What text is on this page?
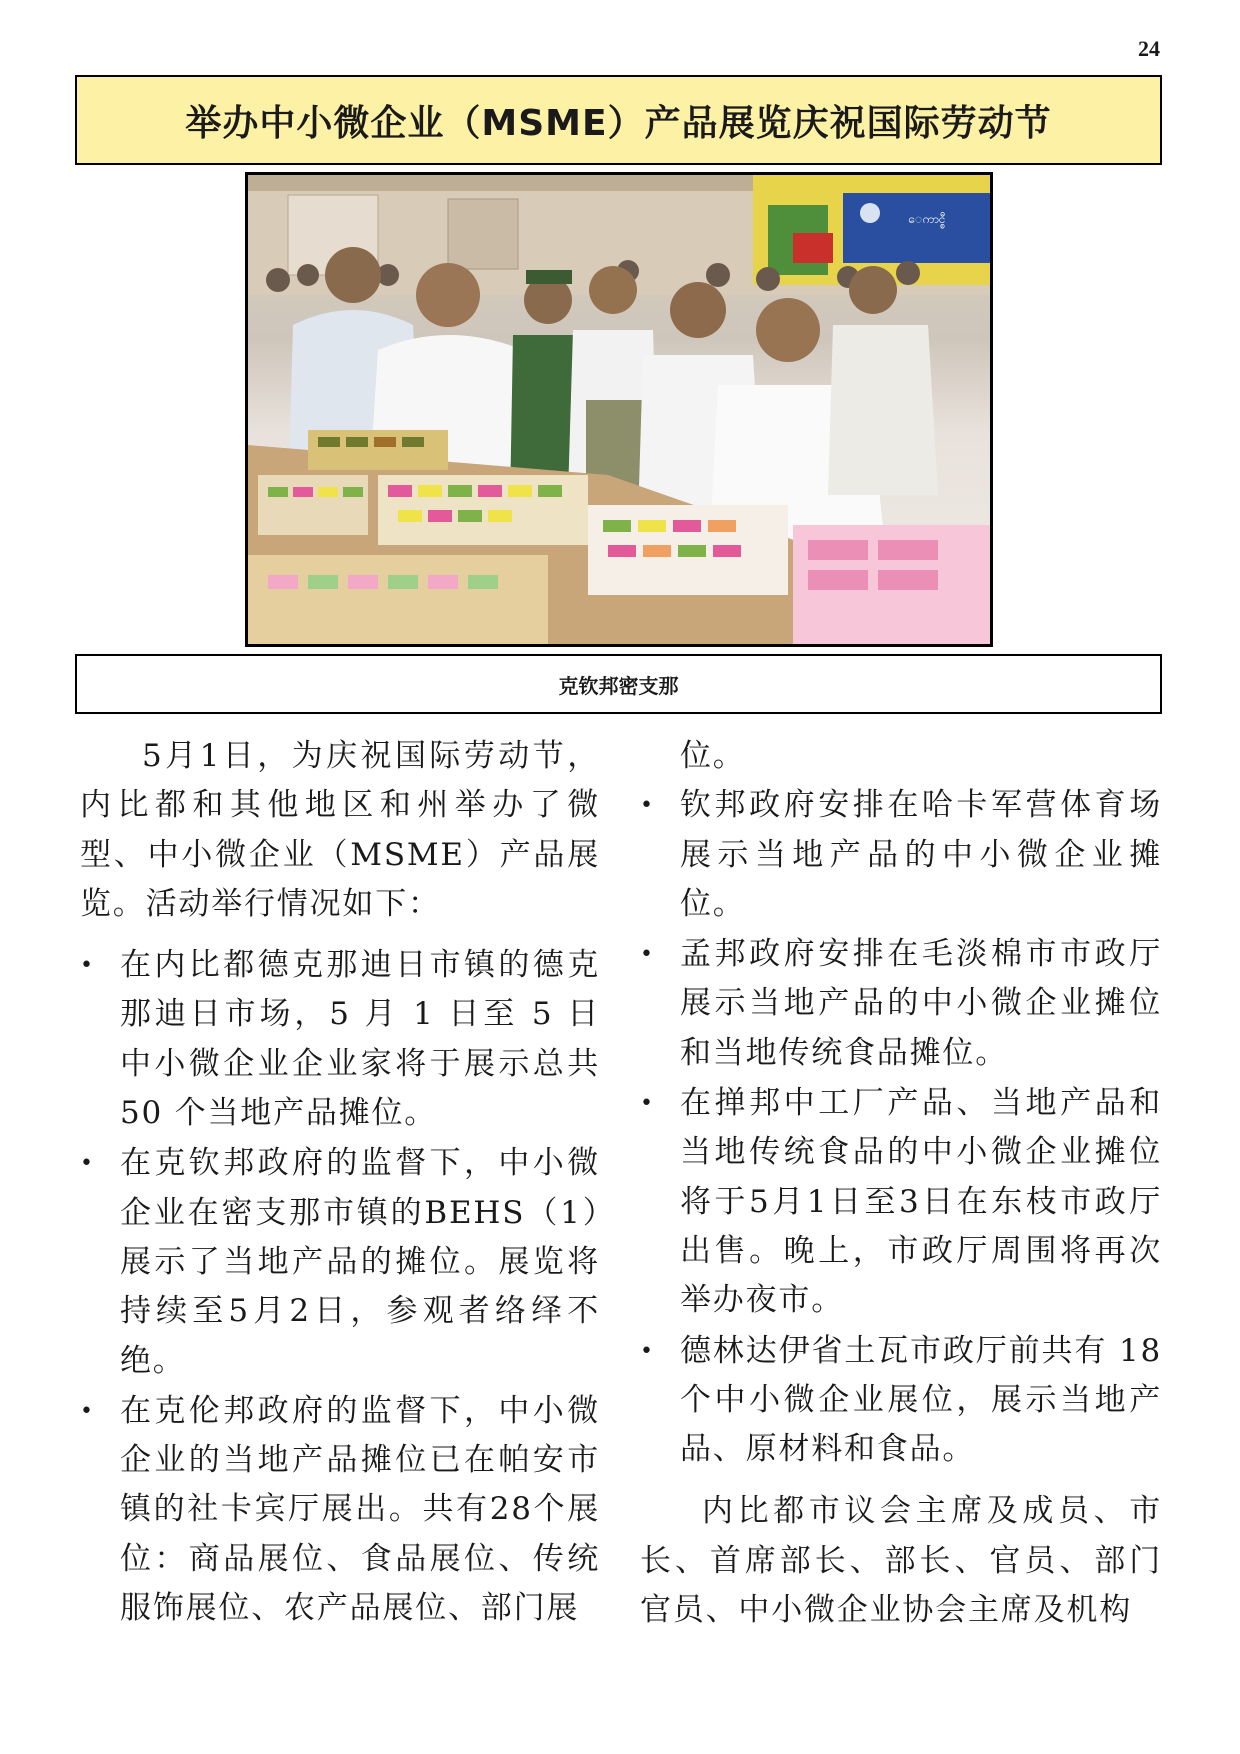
24
举办中小微企业（MSME）产品展览庆祝国际劳动节
ေကာင္စီ
克钦邦密支那

5月1日，为庆祝国际劳动节，内比都和其他地区和州举办了微型、中小微企业（MSME）产品展览。活动举行情况如下：

• 在内比都德克那迪日市镇的德克那迪日市场，5 月 1 日至 5 日中小微企业企业家将于展示总共 50 个当地产品摊位。
• 在克钦邦政府的监督下，中小微企业在密支那市镇的BEHS（1）展示了当地产品的摊位。展览将持续至5月2日，参观者络绎不绝。
• 在克伦邦政府的监督下，中小微企业的当地产品摊位已在帕安市镇的社卡宾厅展出。共有28个展位：商品展位、食品展位、传统服饰展位、农产品展位、部门展

位。

• 钦邦政府安排在哈卡军营体育场展示当地产品的中小微企业摊位。
• 孟邦政府安排在毛淡棉市市政厅展示当地产品的中小微企业摊位和当地传统食品摊位。
• 在掸邦中工厂产品、当地产品和当地传统食品的中小微企业摊位将于5月1日至3日在东枝市政厅出售。晚上，市政厅周围将再次举办夜市。
• 德林达伊省土瓦市政厅前共有 18 个中小微企业展位，展示当地产品、原材料和食品。

内比都市议会主席及成员、市长、首席部长、部长、官员、部门官员、中小微企业协会主席及机构
